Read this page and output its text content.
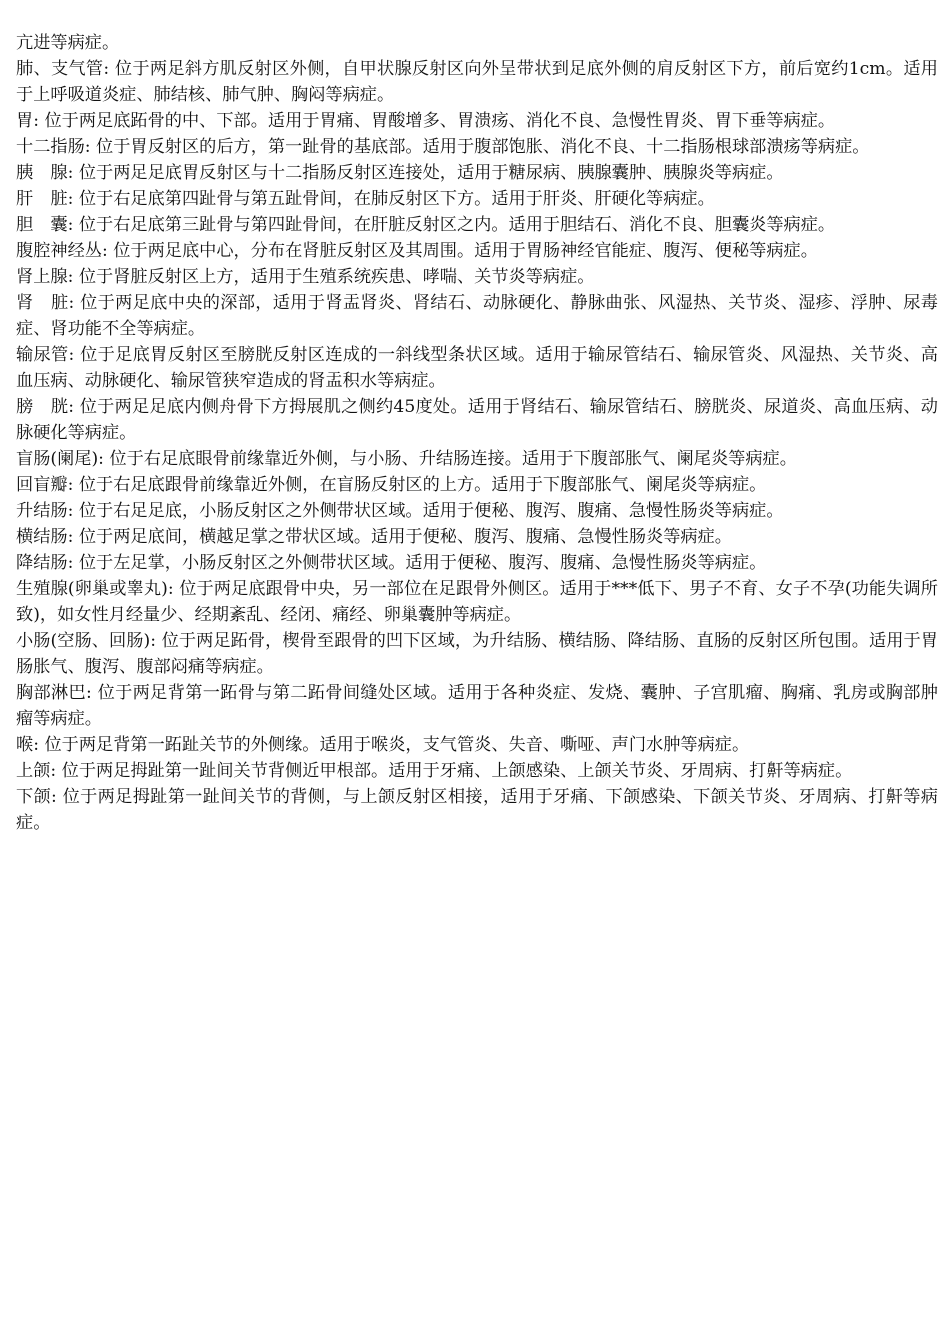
亢进等病症。

肺、支气管: 位于两足斜方肌反射区外侧，自甲状腺反射区向外呈带状到足底外侧的肩反射区下方，前后宽约1cm。适用于上呼吸道炎症、肺结核、肺气肿、胸闷等病症。

胃: 位于两足底跖骨的中、下部。适用于胃痛、胃酸增多、胃溃疡、消化不良、急慢性胃炎、胃下垂等病症。

十二指肠: 位于胃反射区的后方，第一趾骨的基底部。适用于腹部饱胀、消化不良、十二指肠根球部溃疡等病症。

胰　腺: 位于两足足底胃反射区与十二指肠反射区连接处，适用于糖尿病、胰腺囊肿、胰腺炎等病症。

肝　脏: 位于右足底第四趾骨与第五趾骨间，在肺反射区下方。适用于肝炎、肝硬化等病症。

胆　囊: 位于右足底第三趾骨与第四趾骨间，在肝脏反射区之内。适用于胆结石、消化不良、胆囊炎等病症。

腹腔神经丛: 位于两足底中心，分布在肾脏反射区及其周围。适用于胃肠神经官能症、腹泻、便秘等病症。

肾上腺: 位于肾脏反射区上方，适用于生殖系统疾患、哮喘、关节炎等病症。

肾　脏: 位于两足底中央的深部，适用于肾盂肾炎、肾结石、动脉硬化、静脉曲张、风湿热、关节炎、湿疹、浮肿、尿毒症、肾功能不全等病症。

输尿管: 位于足底胃反射区至膀胱反射区连成的一斜线型条状区域。适用于输尿管结石、输尿管炎、风湿热、关节炎、高血压病、动脉硬化、输尿管狭窄造成的肾盂积水等病症。

膀　胱: 位于两足足底内侧舟骨下方拇展肌之侧约45度处。适用于肾结石、输尿管结石、膀胱炎、尿道炎、高血压病、动脉硬化等病症。

盲肠(阑尾): 位于右足底眼骨前缘靠近外侧，与小肠、升结肠连接。适用于下腹部胀气、阑尾炎等病症。

回盲瓣: 位于右足底跟骨前缘靠近外侧，在盲肠反射区的上方。适用于下腹部胀气、阑尾炎等病症。

升结肠: 位于右足足底，小肠反射区之外侧带状区域。适用于便秘、腹泻、腹痛、急慢性肠炎等病症。

横结肠: 位于两足底间，横越足掌之带状区域。适用于便秘、腹泻、腹痛、急慢性肠炎等病症。

降结肠: 位于左足掌，小肠反射区之外侧带状区域。适用于便秘、腹泻、腹痛、急慢性肠炎等病症。

生殖腺(卵巢或睾丸): 位于两足底跟骨中央，另一部位在足跟骨外侧区。适用于***低下、男子不育、女子不孕(功能失调所致)，如女性月经量少、经期紊乱、经闭、痛经、卵巢囊肿等病症。

小肠(空肠、回肠): 位于两足跖骨，楔骨至跟骨的凹下区域，为升结肠、横结肠、降结肠、直肠的反射区所包围。适用于胃肠胀气、腹泻、腹部闷痛等病症。

胸部淋巴: 位于两足背第一跖骨与第二跖骨间缝处区域。适用于各种炎症、发烧、囊肿、子宫肌瘤、胸痛、乳房或胸部肿瘤等病症。

喉: 位于两足背第一跖趾关节的外侧缘。适用于喉炎，支气管炎、失音、嘶哑、声门水肿等病症。

上颌: 位于两足拇趾第一趾间关节背侧近甲根部。适用于牙痛、上颌感染、上颌关节炎、牙周病、打鼾等病症。

下颌: 位于两足拇趾第一趾间关节的背侧，与上颌反射区相接，适用于牙痛、下颌感染、下颌关节炎、牙周病、打鼾等病症。
